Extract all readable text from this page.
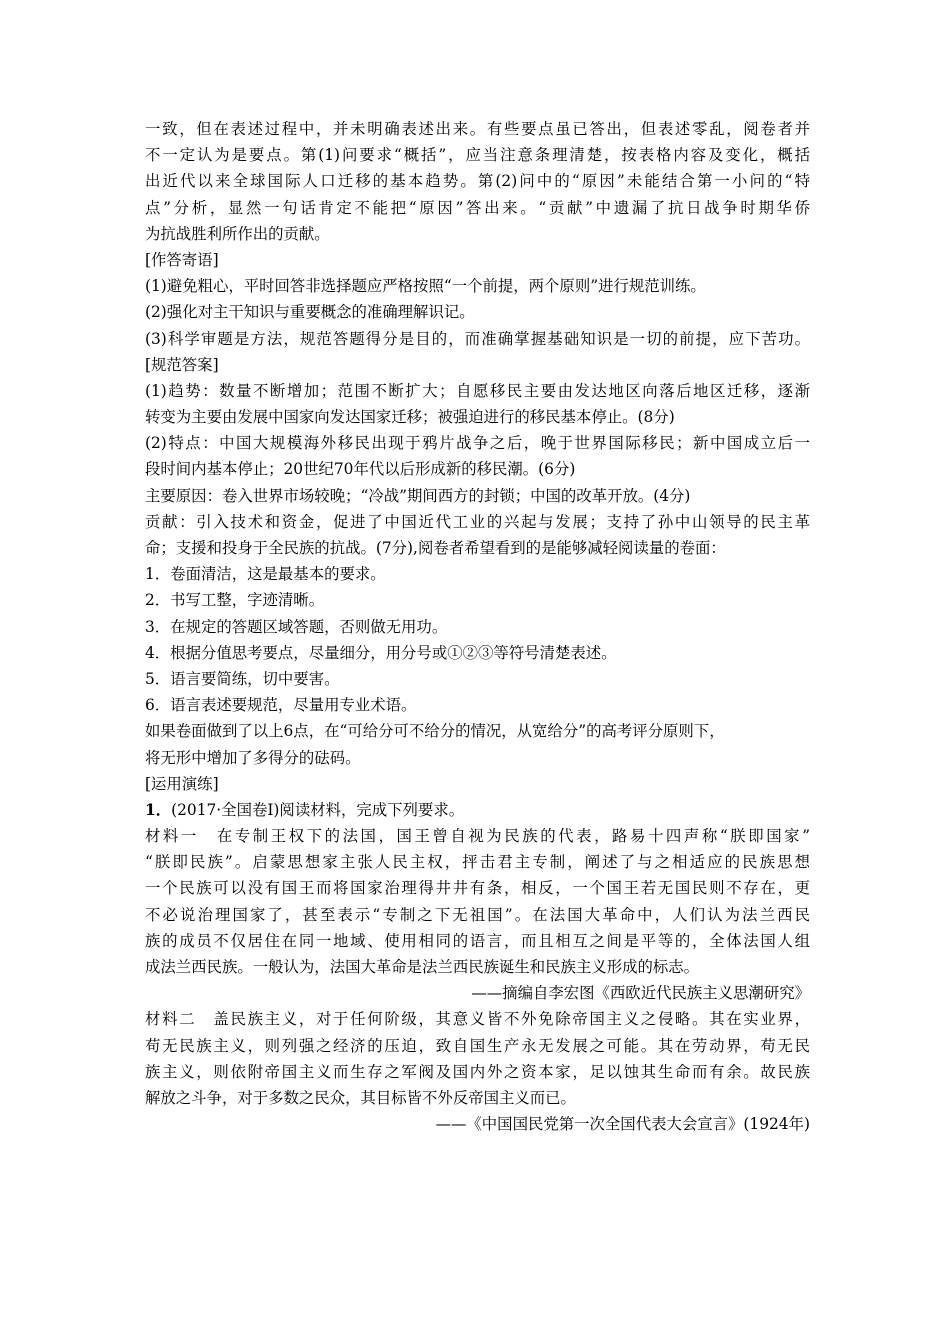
一致，但在表述过程中，并未明确表述出来。有些要点虽已答出，但表述零乱，阅卷者并
不一定认为是要点。第(1)问要求“概括”，应当注意条理清楚，按表格内容及变化，概括
出近代以来全球国际人口迁移的基本趋势。第(2)问中的“原因”未能结合第一小问的“特
点”分析，显然一句话肯定不能把“原因”答出来。“贡献”中遗漏了抗日战争时期华侨
为抗战胜利所作出的贡献。
[作答寄语]
(1)避免粗心，平时回答非选择题应严格按照“一个前提，两个原则”进行规范训练。
(2)强化对主干知识与重要概念的准确理解识记。
(3)科学审题是方法，规范答题得分是目的，而准确掌握基础知识是一切的前提，应下苦功。
[规范答案]
(1)趋势：数量不断增加；范围不断扩大；自愿移民主要由发达地区向落后地区迁移，逐渐
转变为主要由发展中国家向发达国家迁移；被强迫进行的移民基本停止。(8分)
(2)特点：中国大规模海外移民出现于鸦片战争之后，晚于世界国际移民；新中国成立后一
段时间内基本停止；20世纪70年代以后形成新的移民潮。(6分)
主要原因：卷入世界市场较晚；“冷战”期间西方的封锁；中国的改革开放。(4分)
贡献：引入技术和资金，促进了中国近代工业的兴起与发展；支持了孙中山领导的民主革
命；支援和投身于全民族的抗战。(7分),阅卷者希望看到的是能够减轻阅读量的卷面：
1．卷面清洁，这是最基本的要求。
2．书写工整，字迹清晰。
3．在规定的答题区域答题，否则做无用功。
4．根据分值思考要点，尽量细分，用分号或①②③等符号清楚表述。
5．语言要简练，切中要害。
6．语言表述要规范，尽量用专业术语。
如果卷面做到了以上6点，在“可给分可不给分的情况，从宽给分”的高考评分原则下，
将无形中增加了多得分的砝码。
[运用演练]
1．(2017·全国卷Ⅰ)阅读材料，完成下列要求。
材料一　在专制王权下的法国，国王曾自视为民族的代表，路易十四声称“朕即国家”
“朕即民族”。启蒙思想家主张人民主权，抨击君主专制，阐述了与之相适应的民族思想
一个民族可以没有国王而将国家治理得井井有条，相反，一个国王若无国民则不存在，更
不必说治理国家了，甚至表示“专制之下无祖国”。在法国大革命中，人们认为法兰西民
族的成员不仅居住在同一地域、使用相同的语言，而且相互之间是平等的，全体法国人组
成法兰西民族。一般认为，法国大革命是法兰西民族诞生和民族主义形成的标志。
——摘编自李宏图《西欧近代民族主义思潮研究》
材料二　盖民族主义，对于任何阶级，其意义皆不外免除帝国主义之侵略。其在实业界，
苟无民族主义，则列强之经济的压迫，致自国生产永无发展之可能。其在劳动界，苟无民
族主义，则依附帝国主义而生存之军阀及国内外之资本家，足以蚀其生命而有余。故民族
解放之斗争，对于多数之民众，其目标皆不外反帝国主义而已。
——《中国国民党第一次全国代表大会宣言》(1924年)
